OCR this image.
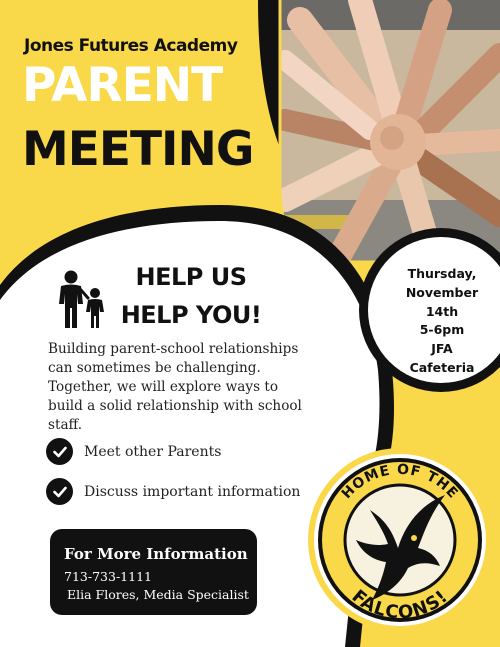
HOME OF THE
FALCONS!

Jones Futures Academy

PARENT

MEETING

HELP US
HELP YOU!

Building parent-school relationships can sometimes be challenging. Together, we will explore ways to build a solid relationship with school staff.

Meet other Parents
Discuss important information
For More Information
713-733-1111
Elia Flores, Media Specialist
Thursday,
November
14th
5-6pm
JFA Cafeteria
